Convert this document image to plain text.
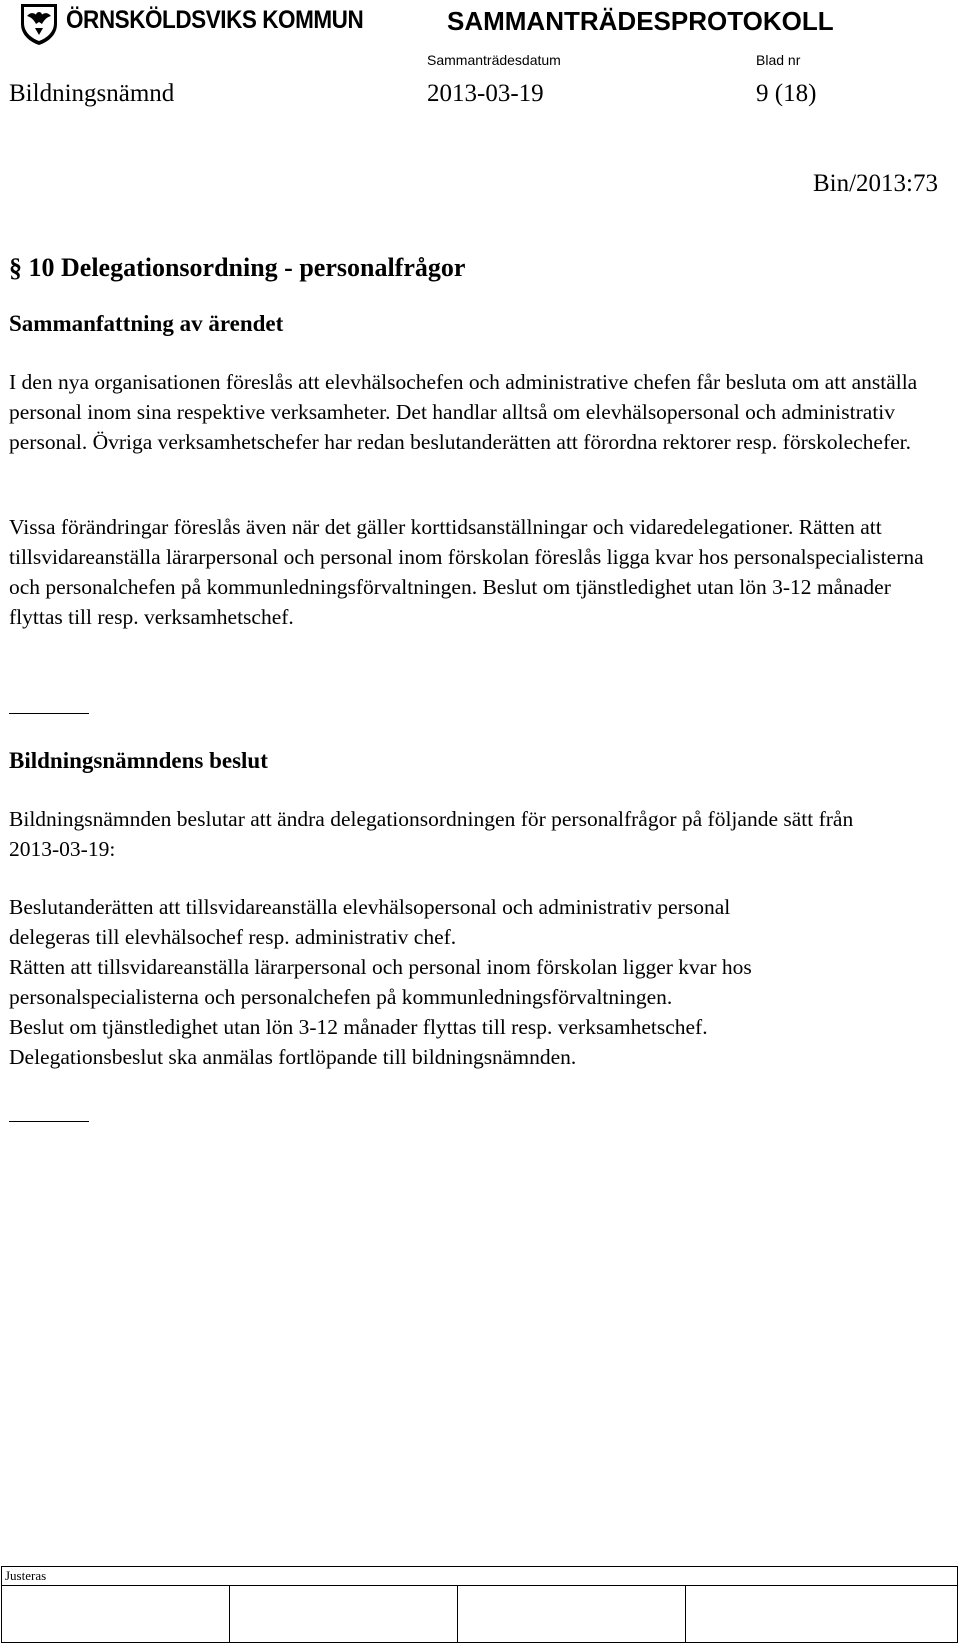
ÖRNSKÖLDSVIKS KOMMUN	SAMMANTRÄDESPROTOKOLL
Sammanträdesdatum	Blad nr
Bildningsnämnd	2013-03-19	9 (18)
Bin/2013:73
§ 10 Delegationsordning - personalfrågor
Sammanfattning av ärendet

I den nya organisationen föreslås att elevhälsochefen och administrative chefen får besluta om att anställa personal inom sina respektive verksamheter. Det handlar alltså om elevhälsopersonal och administrativ personal. Övriga verksamhetschefer har redan beslutanderätten att förordna rektorer resp. förskolechefer.

Vissa förändringar föreslås även när det gäller korttidsanställningar och vidaredelegationer. Rätten att tillsvidareanställa lärarpersonal och personal inom förskolan föreslås ligga kvar hos personalspecialisterna och personalchefen på kommunledningsförvaltningen. Beslut om tjänstledighet utan lön 3-12 månader flyttas till resp. verksamhetschef.

Bildningsnämndens beslut

Bildningsnämnden beslutar att ändra delegationsordningen för personalfrågor på följande sätt från 2013-03-19:

Beslutanderätten att tillsvidareanställa elevhälsopersonal och administrativ personal
delegeras till elevhälsochef resp. administrativ chef.
Rätten att tillsvidareanställa lärarpersonal och personal inom förskolan ligger kvar hos
personalspecialisterna och personalchefen på kommunledningsförvaltningen.
Beslut om tjänstledighet utan lön 3-12 månader flyttas till resp. verksamhetschef.
Delegationsbeslut ska anmälas fortlöpande till bildningsnämnden.
Justeras
